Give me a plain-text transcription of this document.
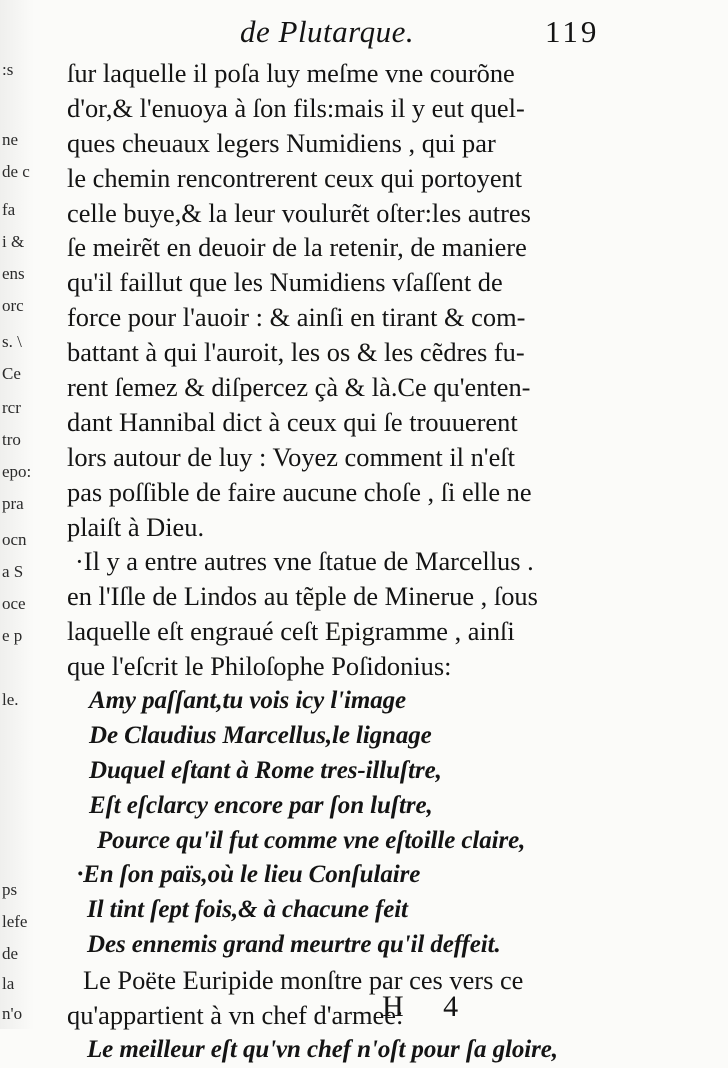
:s
ne
de c
fa
i &
ens
orc
s. \
Ce
rcr
tro
epo:
pra
ocn
a S
oce
e p
le.
ps
lefe
de
la
n'o
de Plutarque.	119
ſur laquelle il poſa luy meſme vne courõne
d'or,& l'enuoya à ſon fils:mais il y eut quel-
ques cheuaux legers Numidiens , qui par
le chemin rencontrerent ceux qui portoyent
celle buye,& la leur voulurẽt oſter:les autres
ſe meirẽt en deuoir de la retenir, de maniere
qu'il faillut que les Numidiens vſaſſent de
force pour l'auoir : & ainſi en tirant & com-
battant à qui l'auroit, les os & les cẽdres fu-
rent ſemez & diſpercez çà & là.Ce qu'enten-
dant Hannibal dict à ceux qui ſe trouuerent
lors autour de luy : Voyez comment il n'eſt
pas poſſible de faire aucune choſe , ſi elle ne
plaiſt à Dieu.
·Il y a entre autres vne ſtatue de Marcellus .
en l'Iſle de Lindos au tẽple de Minerue , ſous
laquelle eſt engraué ceſt Epigramme , ainſi
que l'eſcrit le Philoſophe Poſidonius:
Amy paſſant,tu vois icy l'image
De Claudius Marcellus,le lignage
Duquel eſtant à Rome tres-illuſtre,
Eſt eſclarcy encore par ſon luſtre,
Pource qu'il fut comme vne eſtoille claire,
·En ſon païs,où le lieu Conſulaire
Il tint ſept fois,& à chacune feit
Des ennemis grand meurtre qu'il deffeit.
Le Poëte Euripide monſtre par ces vers ce
qu'appartient à vn chef d'armee:
Le meilleur eſt qu'vn chef n'oſt pour ſa gloire,
H 4
